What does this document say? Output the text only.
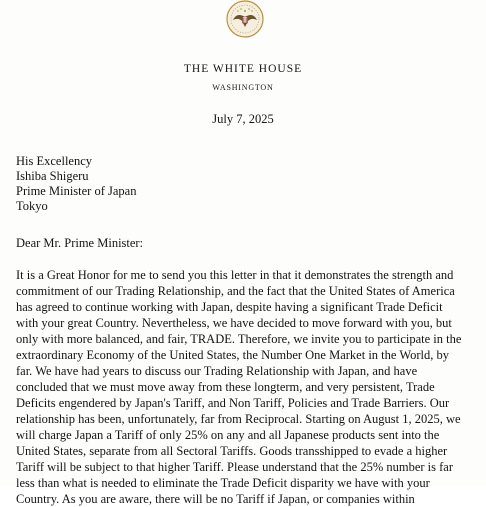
THE WHITE HOUSE
WASHINGTON
July 7, 2025
His Excellency
Ishiba Shigeru
Prime Minister of Japan
Tokyo
Dear Mr. Prime Minister:
It is a Great Honor for me to send you this letter in that it demonstrates the strength and
commitment of our Trading Relationship, and the fact that the United States of America
has agreed to continue working with Japan, despite having a significant Trade Deficit
with your great Country. Nevertheless, we have decided to move forward with you, but
only with more balanced, and fair, TRADE. Therefore, we invite you to participate in the
extraordinary Economy of the United States, the Number One Market in the World, by
far. We have had years to discuss our Trading Relationship with Japan, and have
concluded that we must move away from these longterm, and very persistent, Trade
Deficits engendered by Japan's Tariff, and Non Tariff, Policies and Trade Barriers. Our
relationship has been, unfortunately, far from Reciprocal. Starting on August 1, 2025, we
will charge Japan a Tariff of only 25% on any and all Japanese products sent into the
United States, separate from all Sectoral Tariffs. Goods transshipped to evade a higher
Tariff will be subject to that higher Tariff. Please understand that the 25% number is far
less than what is needed to eliminate the Trade Deficit disparity we have with your
Country. As you are aware, there will be no Tariff if Japan, or companies within
